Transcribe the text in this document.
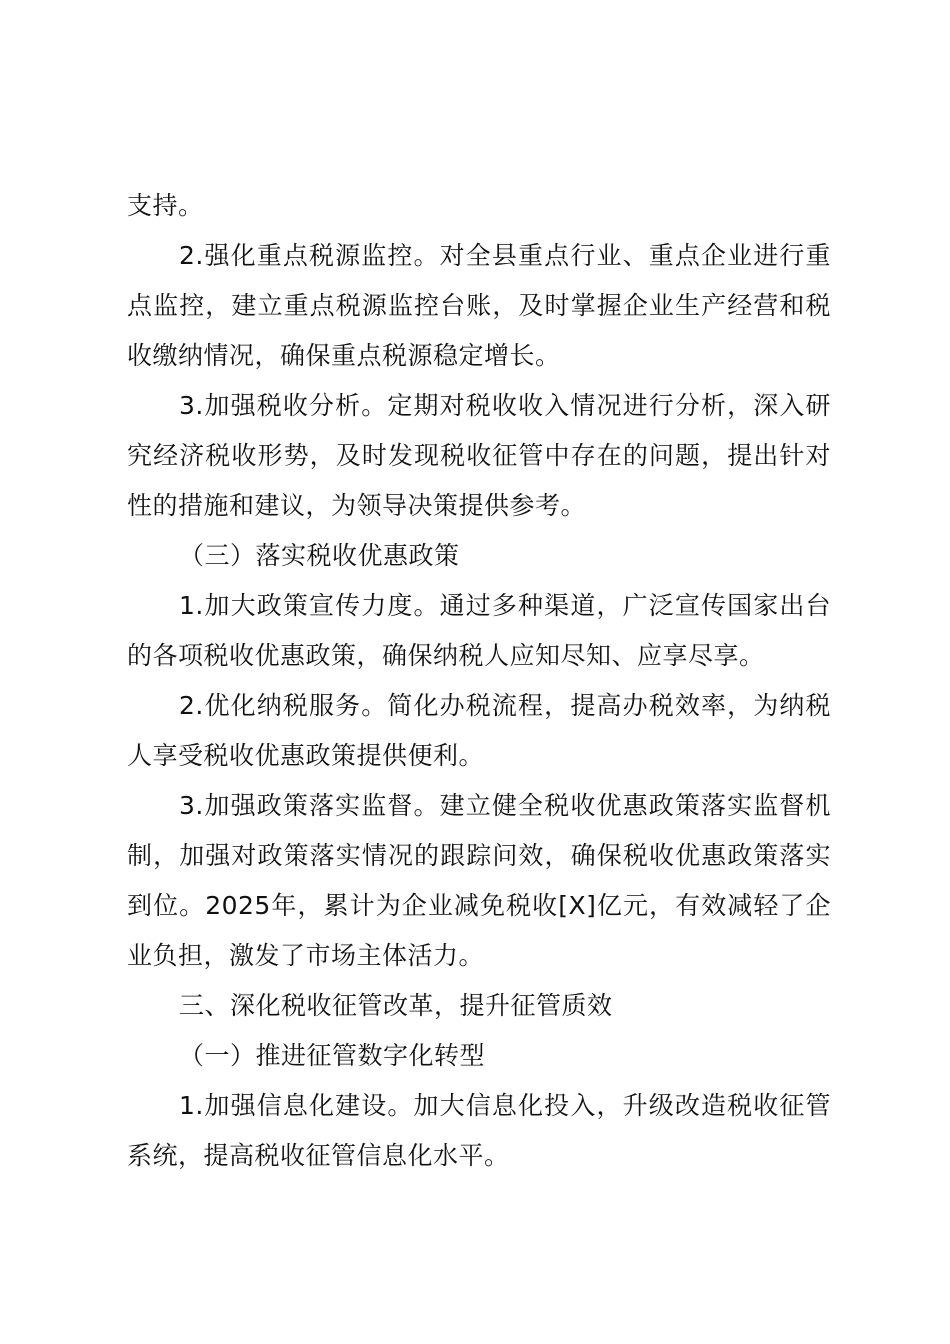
支持。

2.强化重点税源监控。对全县重点行业、重点企业进行重点监控，建立重点税源监控台账，及时掌握企业生产经营和税收缴纳情况，确保重点税源稳定增长。

3.加强税收分析。定期对税收收入情况进行分析，深入研究经济税收形势，及时发现税收征管中存在的问题，提出针对性的措施和建议，为领导决策提供参考。

（三）落实税收优惠政策

1.加大政策宣传力度。通过多种渠道，广泛宣传国家出台的各项税收优惠政策，确保纳税人应知尽知、应享尽享。

2.优化纳税服务。简化办税流程，提高办税效率，为纳税人享受税收优惠政策提供便利。

3.加强政策落实监督。建立健全税收优惠政策落实监督机制，加强对政策落实情况的跟踪问效，确保税收优惠政策落实到位。2025年，累计为企业减免税收[X]亿元，有效减轻了企业负担，激发了市场主体活力。

三、深化税收征管改革，提升征管质效

（一）推进征管数字化转型

1.加强信息化建设。加大信息化投入，升级改造税收征管系统，提高税收征管信息化水平。
